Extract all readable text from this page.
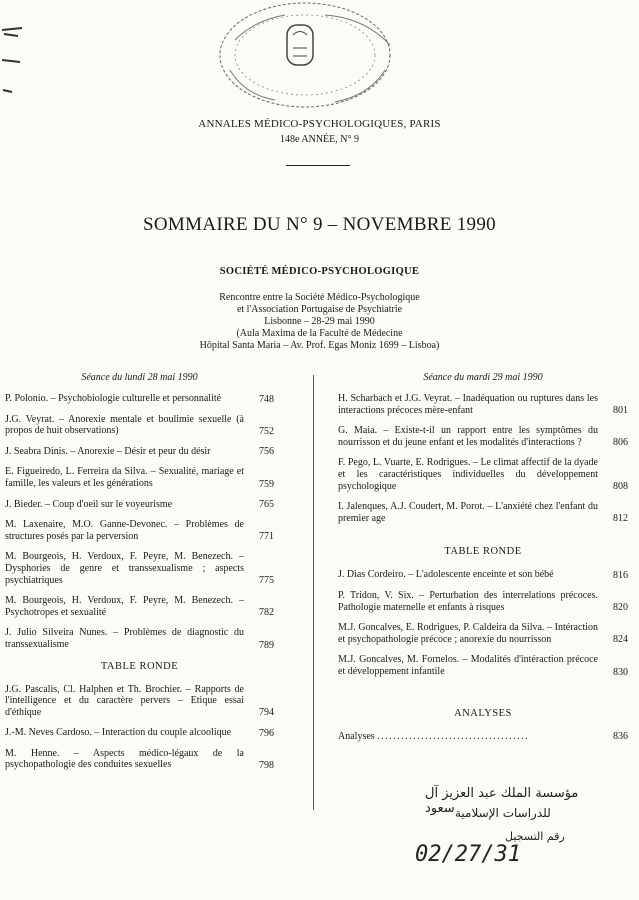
ANNALES MÉDICO-PSYCHOLOGIQUES, PARIS
148e ANNÉE, N° 9
SOMMAIRE DU N° 9 – NOVEMBRE 1990
SOCIÉTÉ MÉDICO-PSYCHOLOGIQUE
Rencontre entre la Société Médico-Psychologique
et l'Association Portugaise de Psychiatrie
Lisbonne – 28-29 mai 1990
(Aula Maxima de la Faculté de Médecine
Hôpital Santa Maria – Av. Prof. Egas Moniz 1699 – Lisboa)
Séance du lundi 28 mai 1990
P. Polonio. – Psychobiologie culturelle et personnalité	748
J.G. Veyrat. – Anorexie mentale et boulimie sexuelle (à propos de huit observations)	752
J. Seabra Dinis. – Anorexie – Désir et peur du désir	756
E. Figueiredo, L. Ferreira da Silva. – Sexualité, mariage et famille, les valeurs et les générations	759
J. Bieder. – Coup d'oeil sur le voyeurisme	765
M. Laxenaire, M.O. Ganne-Devonec. – Problèmes de structures posés par la perversion	771
M. Bourgeois, H. Verdoux, F. Peyre, M. Benezech. – Dysphories de genre et transsexualisme ; aspects psychiatriques	775
M. Bourgeois, H. Verdoux, F. Peyre, M. Benezech. – Psychotropes et sexualité	782
J. Julio Silveira Nunes. – Problèmes de diagnostic du transsexualisme	789
TABLE RONDE
J.G. Pascalis, Cl. Halphen et Th. Brochier. – Rapports de l'intelligence et du caractère pervers – Etique essai d'éthique	794
J.-M. Neves Cardoso. – Interaction du couple alcoolique	796
M. Henne. – Aspects médico-légaux de la psychopathologie des conduites sexuelles	798
Séance du mardi 29 mai 1990
H. Scharbach et J.G. Veyrat. – Inadéquation ou ruptures dans les interactions précoces mère-enfant	801
G. Maia. – Existe-t-il un rapport entre les symptômes du nourrisson et du jeune enfant et les modalités d'interactions ?	806
F. Pego, L. Vuarte, E. Rodrigues. – Le climat affectif de la dyade et les caractéristiques individuelles du développement psychologique	808
I. Jalenques, A.J. Coudert, M. Porot. – L'anxiété chez l'enfant du premier age	812
TABLE RONDE
J. Dias Cordeiro. – L'adolescente enceinte et son bébé	816
P. Tridon, V. Six. – Perturbation des interrelations précoces. Pathologie maternelle et enfants à risques	820
M.J. Goncalves, E. Rodrigues, P. Caldeira da Silva. – Intéraction et psychopathologie précoce ; anorexie du nourrisson	824
M.J. Goncalves, M. Fornelos. – Modalités d'intéraction précoce et développement infantile	830
ANALYSES
Analyses ......................................	836
مؤسسة الملك عبد العزيز آل سعود للدراسات الإسلامية
رقم التسجيل
02/27/31
